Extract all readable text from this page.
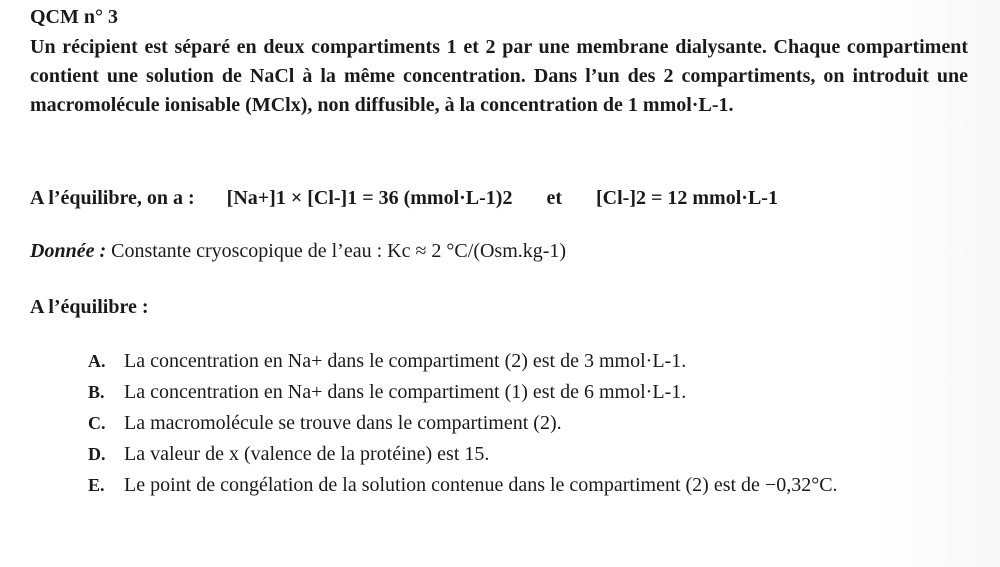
QCM n° 3

Un récipient est séparé en deux compartiments 1 et 2 par une membrane dialysante. Chaque compartiment contient une solution de NaCl à la même concentration. Dans l’un des 2 compartiments, on introduit une macromolécule ionisable (MClx), non diffusible, à la concentration de 1 mmol·L-1.

A l’équilibre, on a : [Na+]1 × [Cl-]1 = 36 (mmol·L-1)2 et [Cl-]2 = 12 mmol·L-1
Donnée : Constante cryoscopique de l’eau : Kc ≈ 2 °C/(Osm.kg-1)
A l’équilibre :
A. La concentration en Na+ dans le compartiment (2) est de 3 mmol·L-1.
B. La concentration en Na+ dans le compartiment (1) est de 6 mmol·L-1.
C. La macromolécule se trouve dans le compartiment (2).
D. La valeur de x (valence de la protéine) est 15.
E. Le point de congélation de la solution contenue dans le compartiment (2) est de −0,32°C.
